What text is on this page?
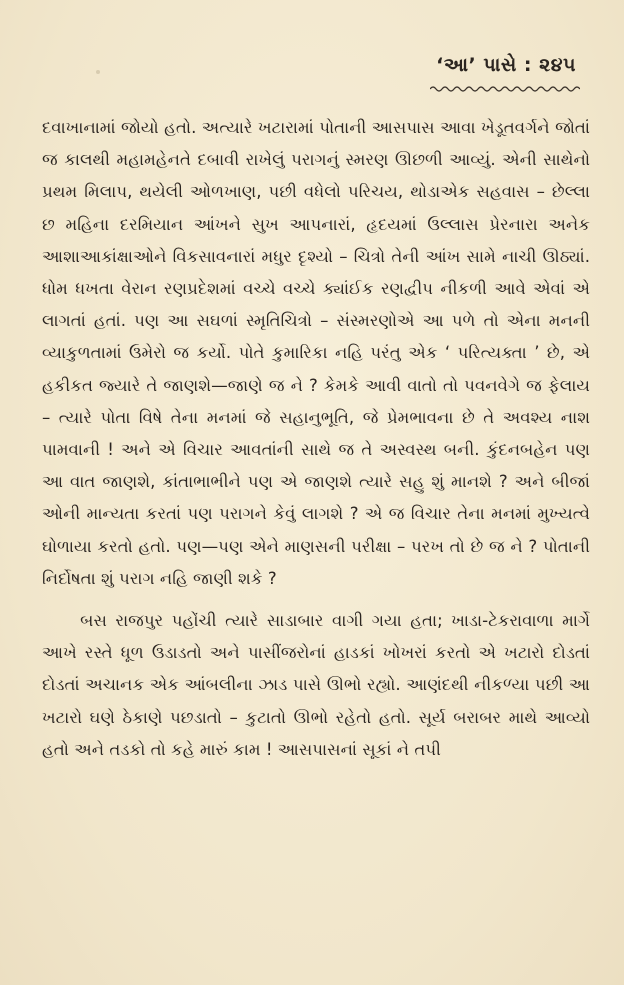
‘આ’ પાસે : ૨૪૫

દવાખાનામાં જોયો હતો. અત્યારે ખટારામાં પોતાની આસપાસ આવા ખેડૂતવર્ગને જોતાં જ કાલથી મહામહેનતે દબાવી રાખેલું પરાગનું સ્મરણ ઊછળી આવ્યું. એની સાથેનો પ્રથમ મિલાપ, થયેલી ઓળખાણ, પછી વધેલો પરિચય, થોડાએક સહવાસ – છેલ્લા છ મહિના દરમિયાન આંખને સુખ આપનારાં, હૃદયમાં ઉલ્લાસ પ્રેરનારા અનેક આશાઆકાંક્ષાઓને વિકસાવનારાં મધુર દૃશ્યો – ચિત્રો તેની આંખ સામે નાચી ઊઠ્યાં. ધોમ ધખતા વેરાન રણપ્રદેશમાં વચ્ચે વચ્ચે ક્યાંઈક રણદ્વીપ નીકળી આવે એવાં એ લાગતાં હતાં. પણ આ સઘળાં સ્મૃતિચિત્રો – સંસ્મરણોએ આ પળે તો એના મનની વ્યાકુળતામાં ઉમેરો જ કર્યો. પોતે કુમારિકા નહિ પરંતુ એક ‘ પરિત્યક્તા ’ છે, એ હકીકત જ્યારે તે જાણશે—જાણે જ ને ? કેમકે આવી વાતો તો પવનવેગે જ ફેલાય – ત્યારે પોતા વિષે તેના મનમાં જે સહાનુભૂતિ, જે પ્રેમભાવના છે તે અવશ્ય નાશ પામવાની ! અને એ વિચાર આવતાંની સાથે જ તે અસ્વસ્થ બની. કુંદનબહેન પણ આ વાત જાણશે, કાંતાભાભીને પણ એ જાણશે ત્યારે સહુ શું માનશે ? અને બીજાં ઓની માન્યતા કરતાં પણ પરાગને કેવું લાગશે ? એ જ વિચાર તેના મનમાં મુખ્યત્વે ઘોળાયા કરતો હતો. પણ—પણ એને માણસની પરીક્ષા – પરખ તો છે જ ને ? પોતાની નિર્દોષતા શું પરાગ નહિ જાણી શકે ?

બસ રાજપુર પહોંચી ત્યારે સાડાબાર વાગી ગયા હતા; ખાડા-ટેકરાવાળા માર્ગે આખે રસ્તે ધૂળ ઉડાડતો અને પાસીંજરોનાં હાડકાં ખોખરાં કરતો એ ખટારો દોડતાં દોડતાં અચાનક એક આંબલીના ઝાડ પાસે ઊભો રહ્યો. આણંદથી નીકળ્યા પછી આ ખટારો ઘણે ઠેકાણે પછડાતો – કુટાતો ઊભો રહેતો હતો. સૂર્ય બરાબર માથે આવ્યો હતો અને તડકો તો કહે મારું કામ ! આસપાસનાં સૂકાં ને તપી
